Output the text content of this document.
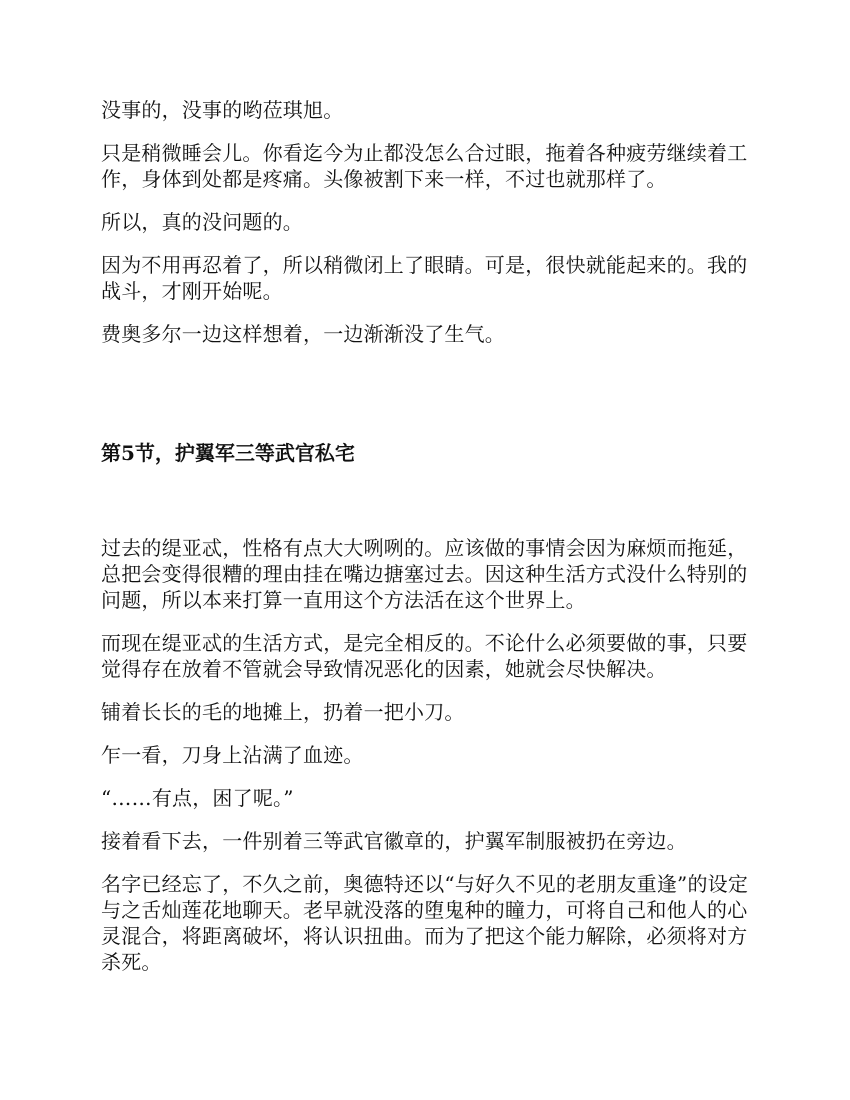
没事的，没事的哟莅琪旭。

只是稍微睡会儿。你看迄今为止都没怎么合过眼，拖着各种疲劳继续着工作，身体到处都是疼痛。头像被割下来一样，不过也就那样了。

所以，真的没问题的。

因为不用再忍着了，所以稍微闭上了眼睛。可是，很快就能起来的。我的战斗，才刚开始呢。

费奥多尔一边这样想着，一边渐渐没了生气。

第5节，护翼军三等武官私宅

过去的缇亚忒，性格有点大大咧咧的。应该做的事情会因为麻烦而拖延，总把会变得很糟的理由挂在嘴边搪塞过去。因这种生活方式没什么特别的问题，所以本来打算一直用这个方法活在这个世界上。

而现在缇亚忒的生活方式，是完全相反的。不论什么必须要做的事，只要觉得存在放着不管就会导致情况恶化的因素，她就会尽快解决。

铺着长长的毛的地摊上，扔着一把小刀。

乍一看，刀身上沾满了血迹。

“……有点，困了呢。”

接着看下去，一件别着三等武官徽章的，护翼军制服被扔在旁边。

名字已经忘了，不久之前，奥德特还以“与好久不见的老朋友重逢”的设定与之舌灿莲花地聊天。老早就没落的堕鬼种的瞳力，可将自己和他人的心灵混合，将距离破坏，将认识扭曲。而为了把这个能力解除，必须将对方杀死。
